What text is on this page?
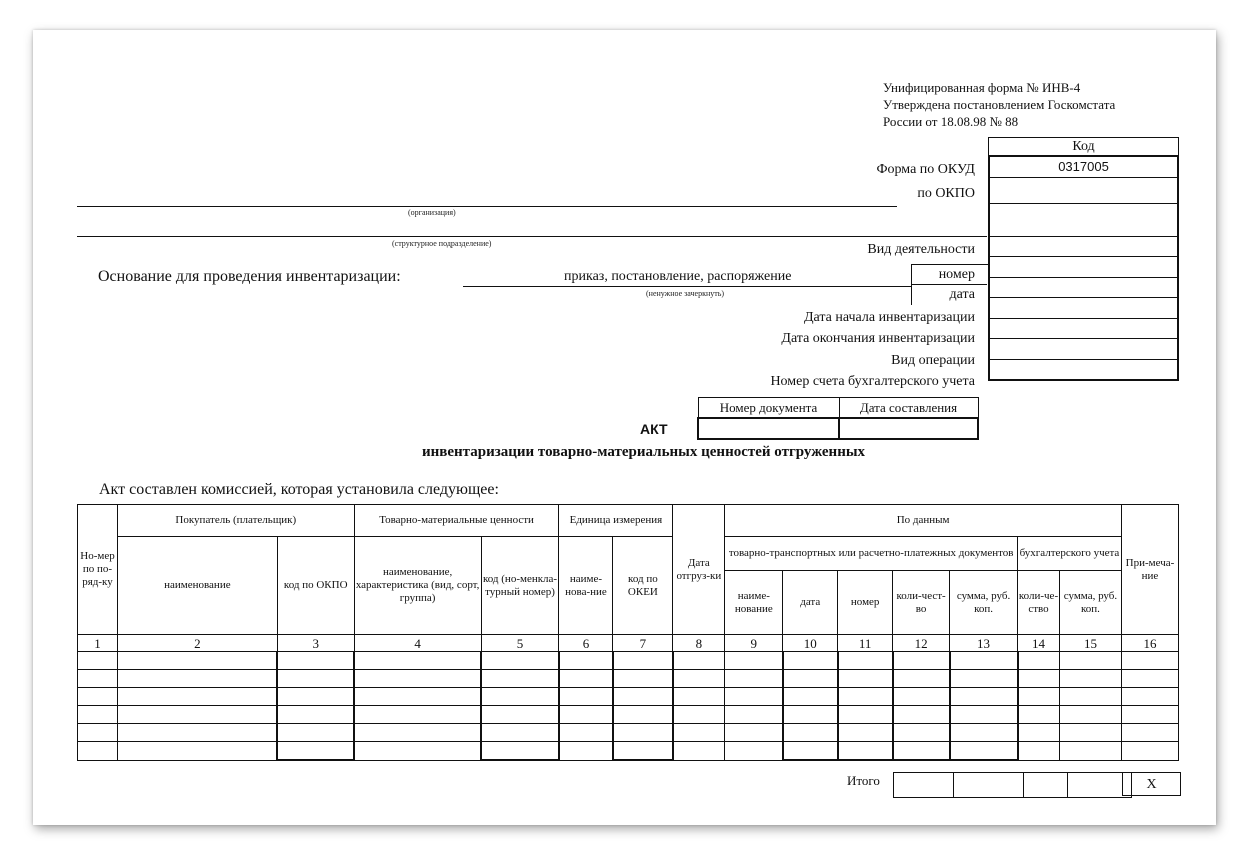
Унифицированная форма № ИНВ-4
Утверждена постановлением Госкомстата
России от 18.08.98 № 88
Код
0317005
Форма по ОКУД
по ОКПО
(организация)
(структурное подразделение)	Вид деятельности
Основание для проведения инвентаризации:	приказ, постановление, распоряжение
(ненужное зачеркнуть)
номер
дата
Дата начала инвентаризации
Дата окончания инвентаризации
Вид операции
Номер счета бухгалтерского учета
Номер документа	Дата составления

АКТ
инвентаризации товарно-материальных ценностей отгруженных
Акт составлен комиссией, которая установила следующее:
Но-мер по по-ряд-ку	Покупатель (плательщик)		Товарно-материальные ценности		Единица измерения		Дата отгруз-ки	По данным							При-меча-ние
	наименование	код по ОКПО	наименование, характеристика (вид, сорт, группа)	код (но-менкла-турный номер)	наиме-нова-ние	код по ОКЕИ		товарно-транспортных или расчетно-платежных документов					бухгалтерского учета		
								наиме-нование	дата	номер	коли-чест-во	сумма, руб. коп.	коли-че-ство	сумма, руб. коп.	
1	2	3	4	5	6	7	8	9	10	11	12	13	14	15	16

Итого
				Х
